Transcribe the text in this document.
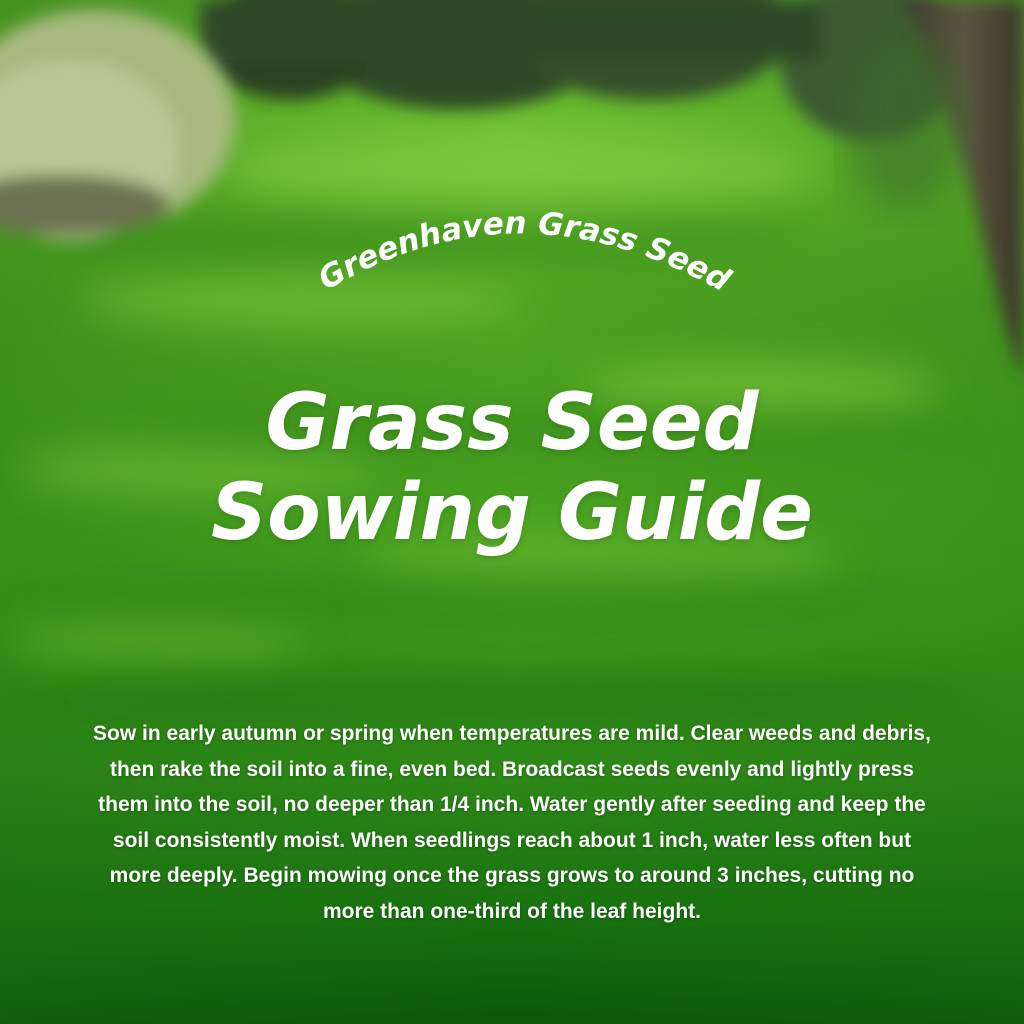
Greenhaven Grass Seed
Grass Seed
Sowing Guide
Sow in early autumn or spring when temperatures are mild. Clear weeds and debris, then rake the soil into a fine, even bed. Broadcast seeds evenly and lightly press them into the soil, no deeper than 1/4 inch. Water gently after seeding and keep the soil consistently moist. When seedlings reach about 1 inch, water less often but more deeply. Begin mowing once the grass grows to around 3 inches, cutting no more than one-third of the leaf height.
